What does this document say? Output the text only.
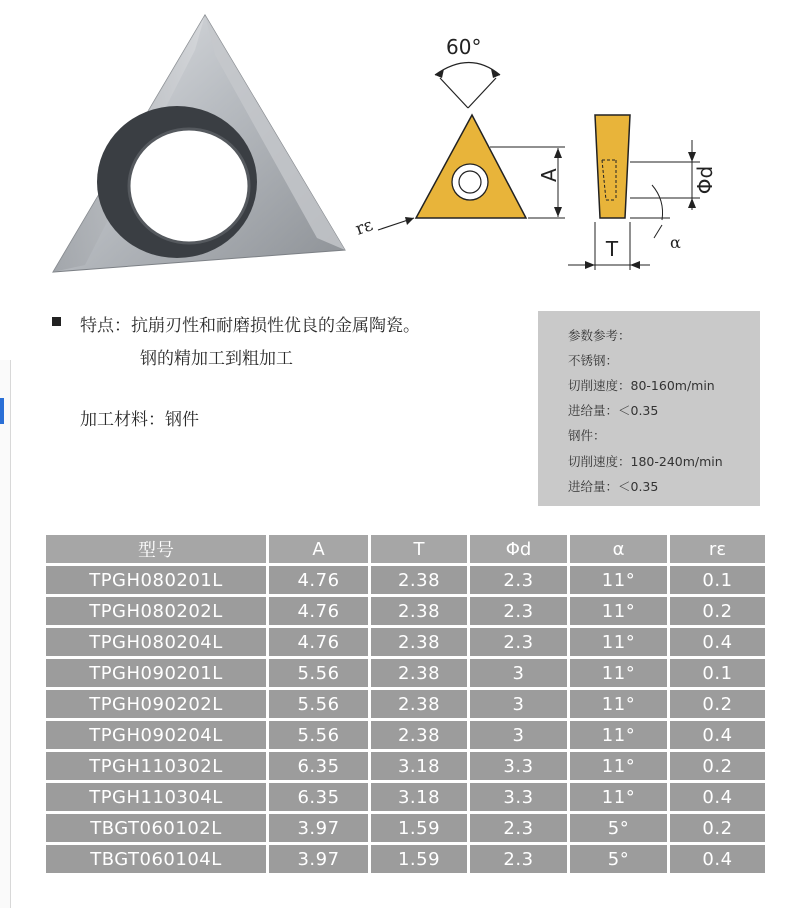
60°
A
rε
Φd
α
T
特点：抗崩刃性和耐磨损性优良的金属陶瓷。
钢的精加工到粗加工
加工材料：钢件
参数参考：
不锈钢：
切削速度：80-160m/min
进给量：＜0.35
钢件：
切削速度：180-240m/min
进给量：＜0.35
型号	A	T	Φd	α	rε
TPGH080201L	4.76	2.38	2.3	11°	0.1
TPGH080202L	4.76	2.38	2.3	11°	0.2
TPGH080204L	4.76	2.38	2.3	11°	0.4
TPGH090201L	5.56	2.38	3	11°	0.1
TPGH090202L	5.56	2.38	3	11°	0.2
TPGH090204L	5.56	2.38	3	11°	0.4
TPGH110302L	6.35	3.18	3.3	11°	0.2
TPGH110304L	6.35	3.18	3.3	11°	0.4
TBGT060102L	3.97	1.59	2.3	5°	0.2
TBGT060104L	3.97	1.59	2.3	5°	0.4
